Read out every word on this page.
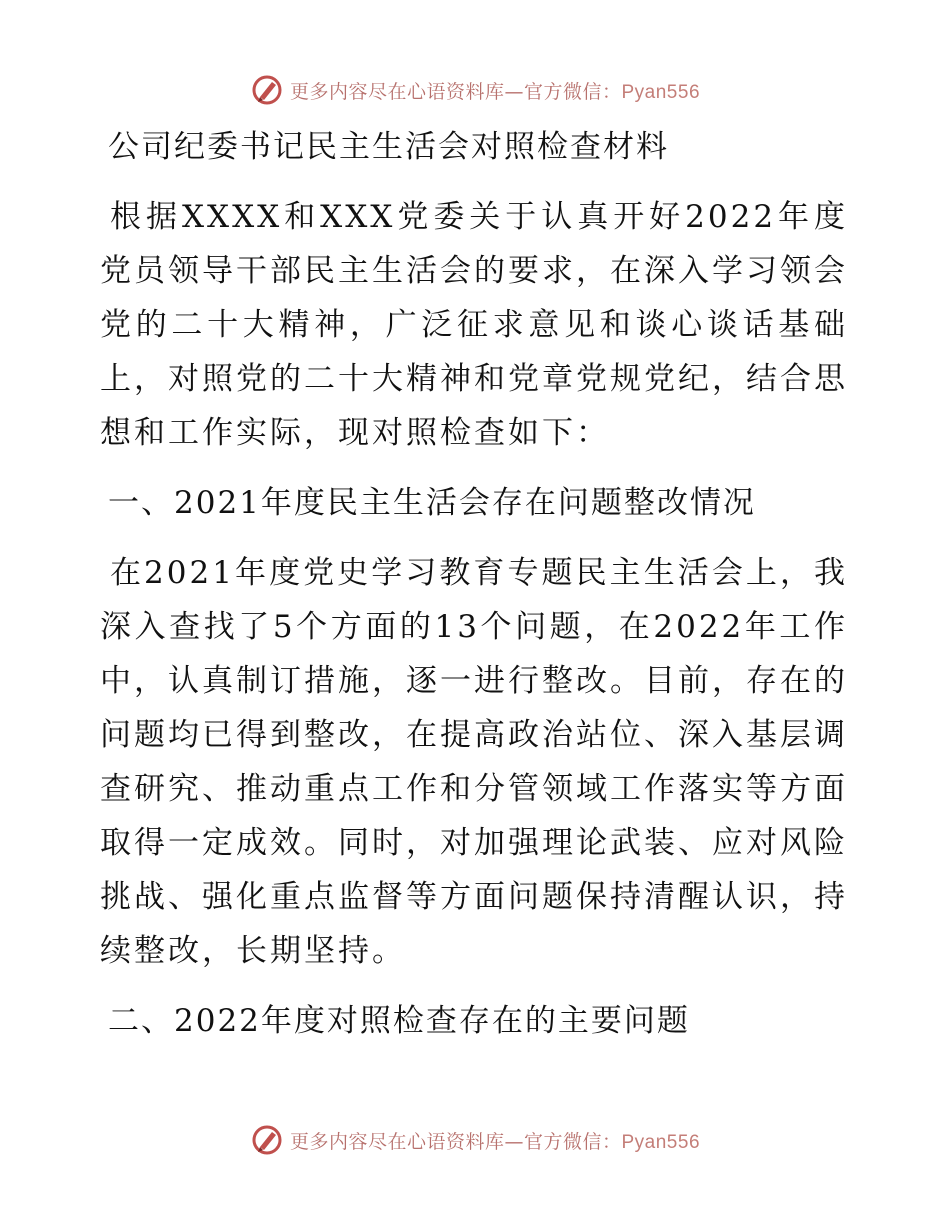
更多内容尽在心语资料库—官方微信：Pyan556
公司纪委书记民主生活会对照检查材料

根据XXXX和XXX党委关于认真开好2022年度党员领导干部民主生活会的要求，在深入学习领会党的二十大精神，广泛征求意见和谈心谈话基础上，对照党的二十大精神和党章党规党纪，结合思想和工作实际，现对照检查如下：

一、2021年度民主生活会存在问题整改情况

在2021年度党史学习教育专题民主生活会上，我深入查找了5个方面的13个问题，在2022年工作中，认真制订措施，逐一进行整改。目前，存在的问题均已得到整改，在提高政治站位、深入基层调查研究、推动重点工作和分管领域工作落实等方面取得一定成效。同时，对加强理论武装、应对风险挑战、强化重点监督等方面问题保持清醒认识，持续整改，长期坚持。

二、2022年度对照检查存在的主要问题
更多内容尽在心语资料库—官方微信：Pyan556
